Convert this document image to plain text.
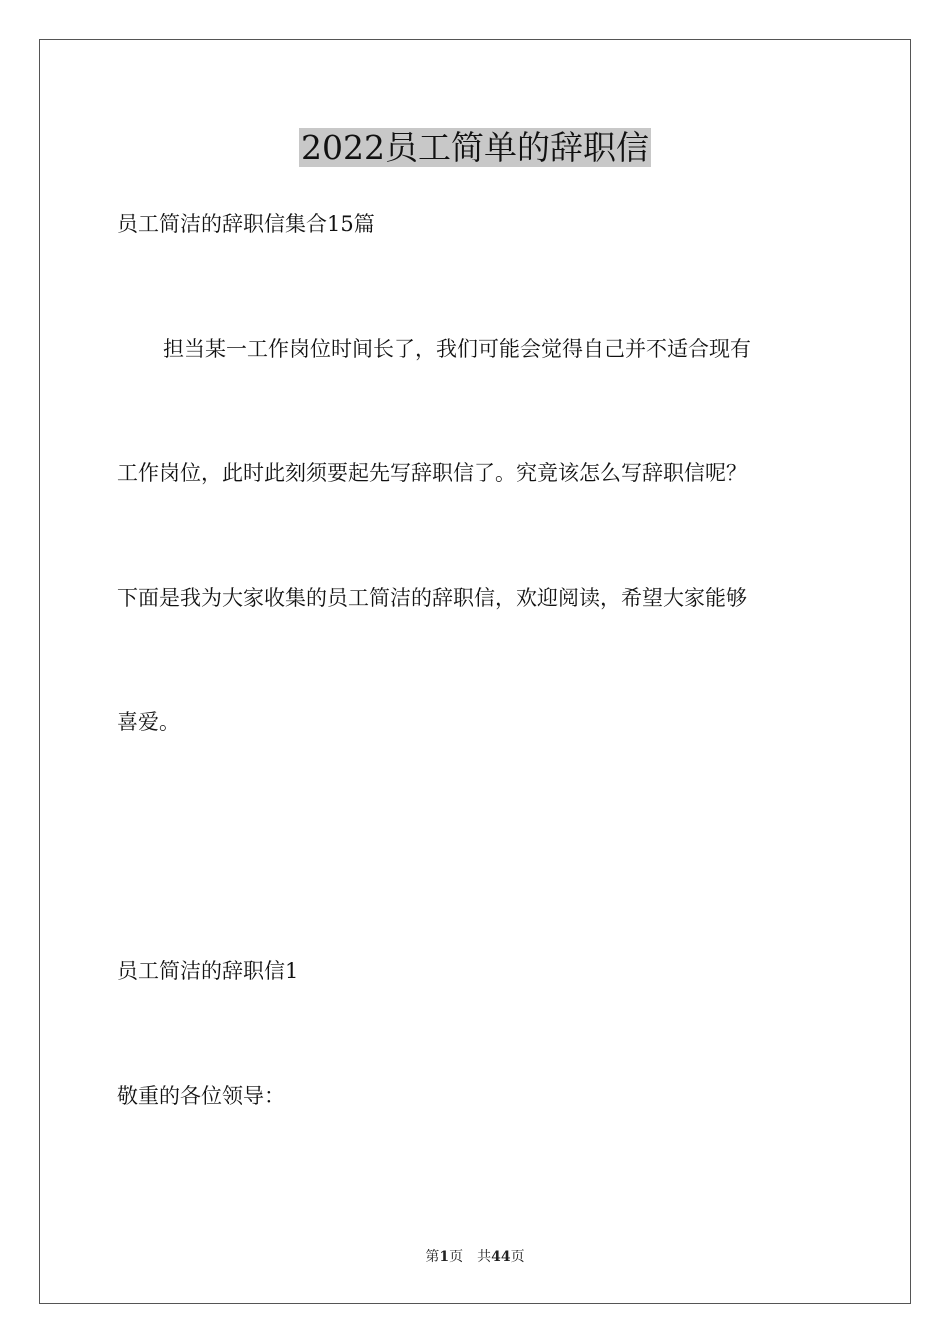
2022员工简单的辞职信
员工简洁的辞职信集合15篇
担当某一工作岗位时间长了，我们可能会觉得自己并不适合现有
工作岗位，此时此刻须要起先写辞职信了。究竟该怎么写辞职信呢？
下面是我为大家收集的员工简洁的辞职信，欢迎阅读，希望大家能够
喜爱。
员工简洁的辞职信1
敬重的各位领导：
第1页 共44页
